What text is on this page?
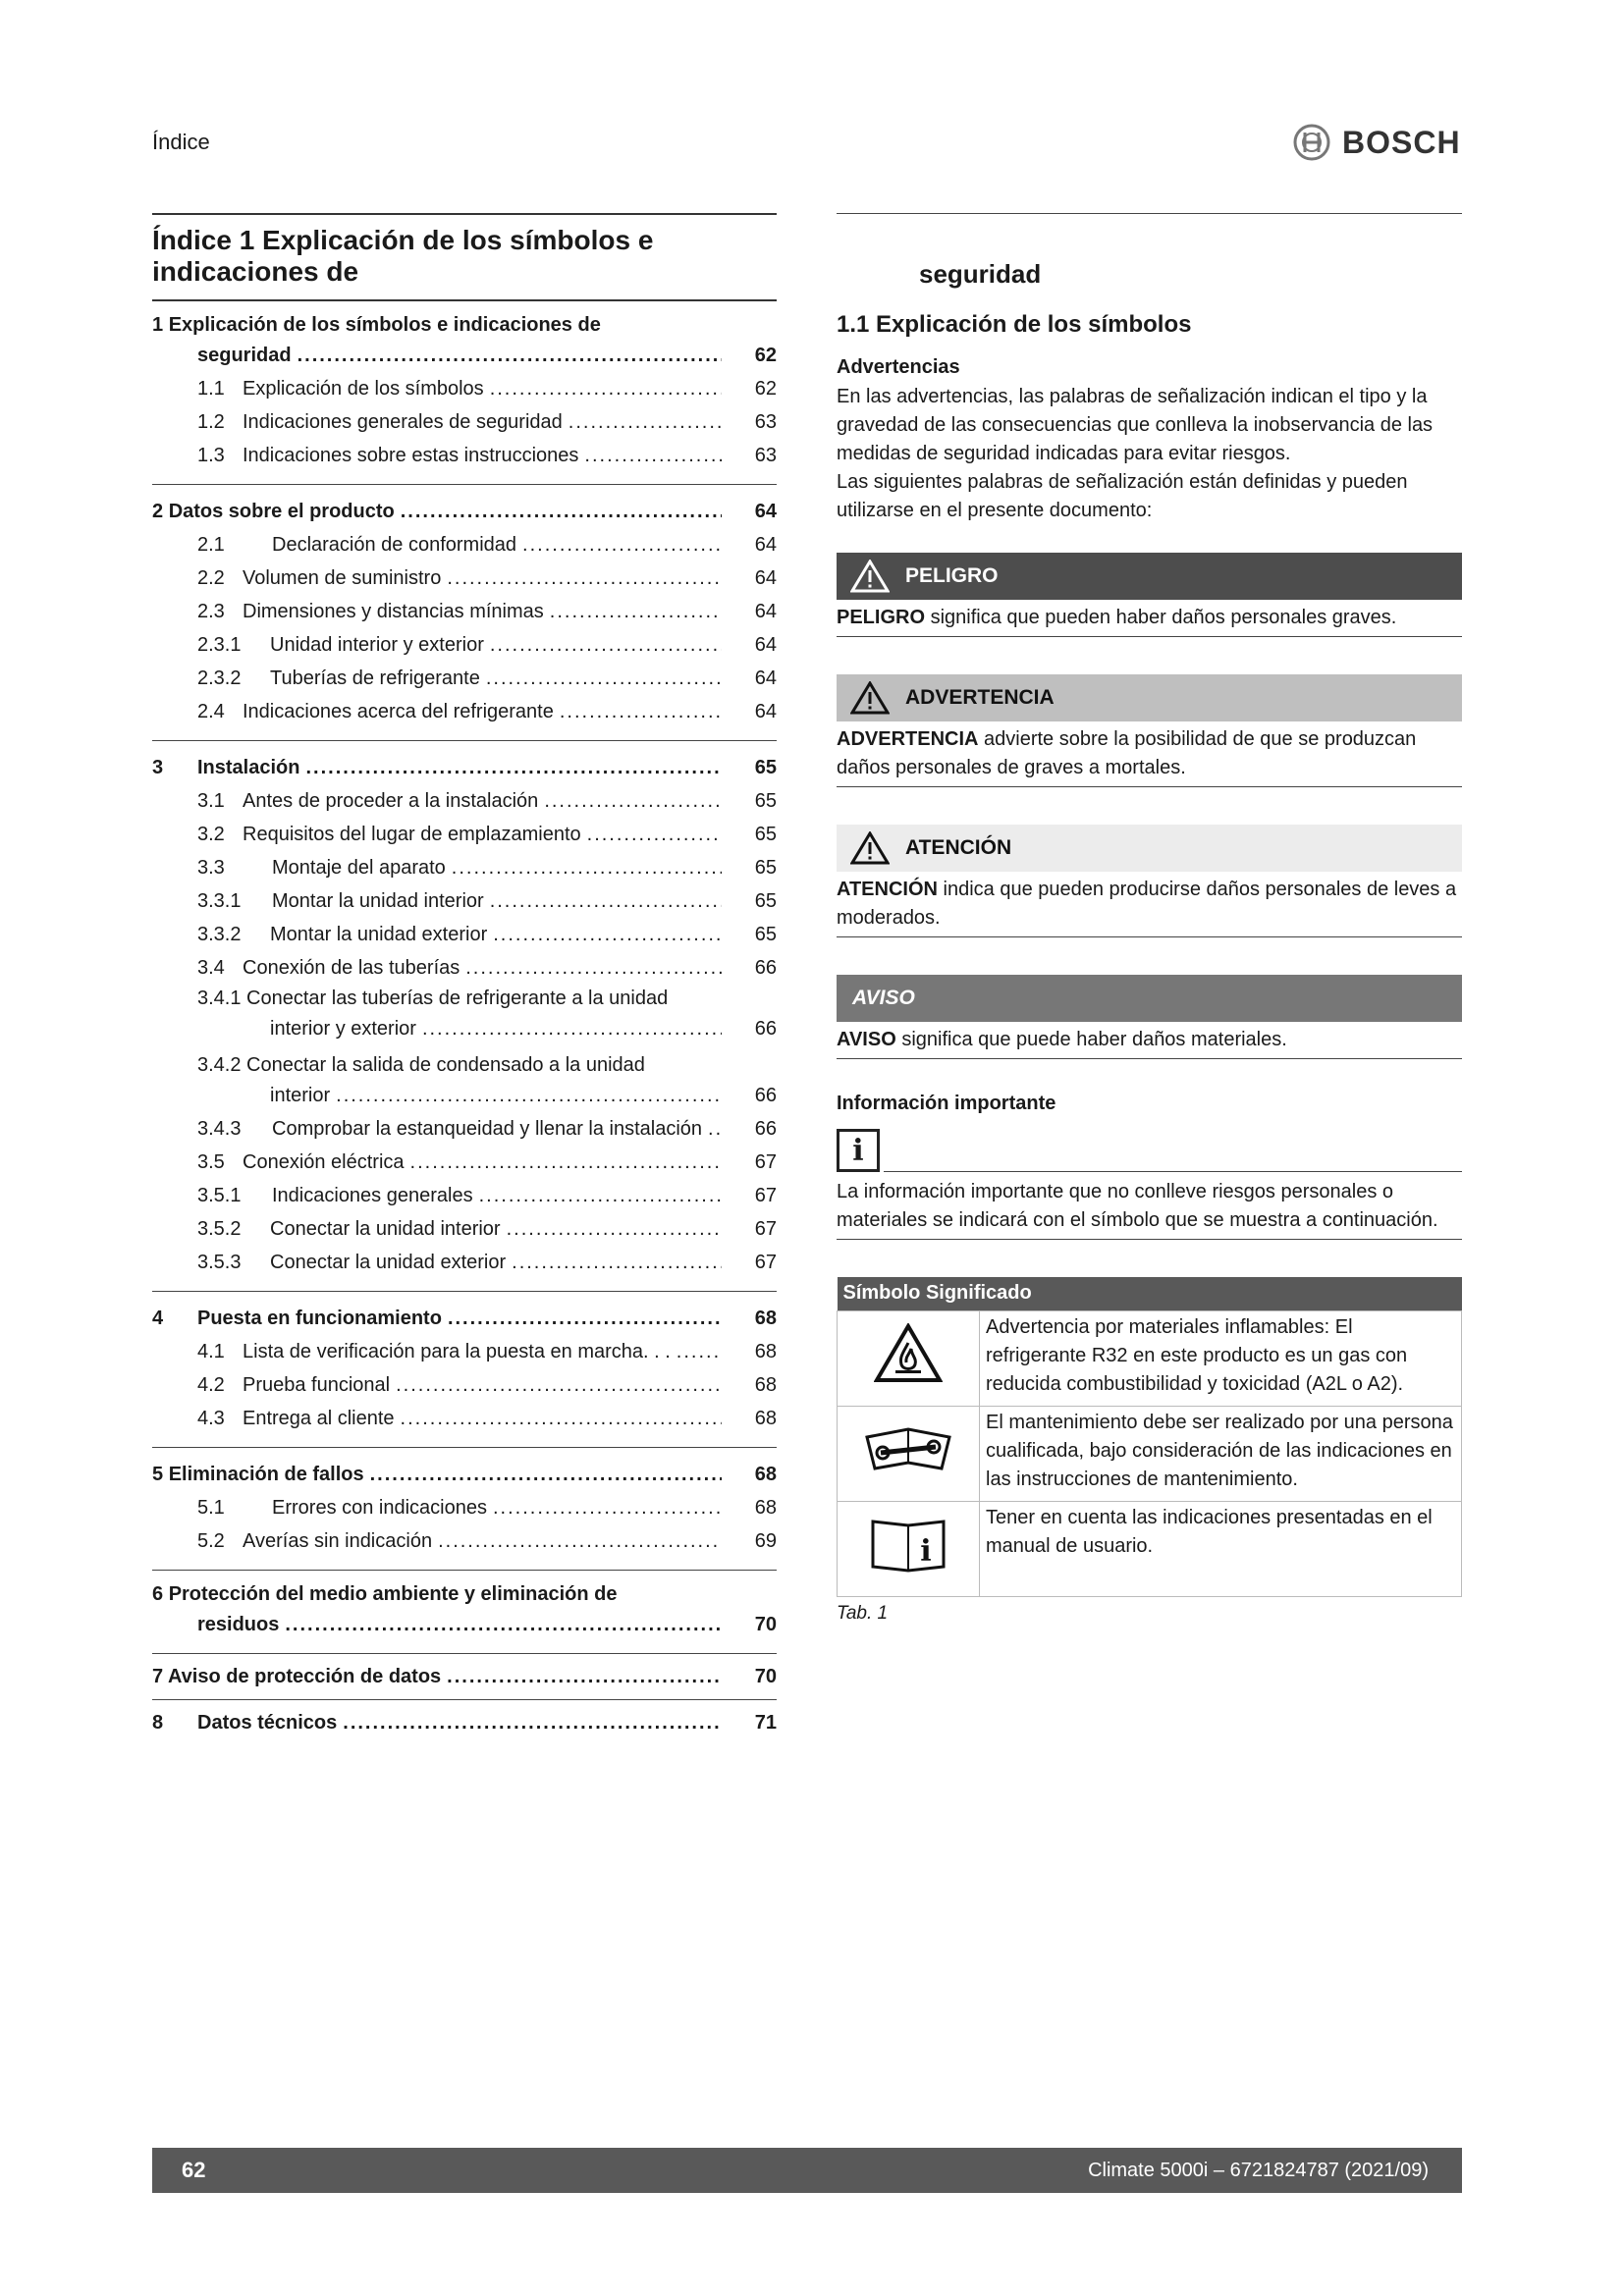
Índice	BOSCH
Índice 1 Explicación de los símbolos e indicaciones de
1 Explicación de los símbolos e indicaciones de
seguridad .....	62
1.1 Explicación de los símbolos .....	62
1.2 Indicaciones generales de seguridad .....	63
1.3 Indicaciones sobre estas instrucciones .....	63
2 Datos sobre el producto .....	64
2.1	Declaración de conformidad .....	64
2.2 Volumen de suministro .....	64
2.3 Dimensiones y distancias mínimas .....	64
2.3.1	Unidad interior y exterior .....	64
2.3.2	Tuberías de refrigerante .....	64
2.4 Indicaciones acerca del refrigerante .....	64
3	Instalación .....	65
3.1 Antes de proceder a la instalación .....	65
3.2 Requisitos del lugar de emplazamiento .....	65
3.3	Montaje del aparato .....	65
3.3.1	Montar la unidad interior .....	65
3.3.2	Montar la unidad exterior .....	65
3.4 Conexión de las tuberías .....	66
3.4.1 Conectar las tuberías de refrigerante a la unidad
interior y exterior .....	66
3.4.2 Conectar la salida de condensado a la unidad
interior .....	66
3.4.3	Comprobar la estanqueidad y llenar la instalación .....	66
3.5 Conexión eléctrica .....	67
3.5.1	Indicaciones generales .....	67
3.5.2	Conectar la unidad interior .....	67
3.5.3	Conectar la unidad exterior .....	67
4	Puesta en funcionamiento .....	68
4.1 Lista de verificación para la puesta en marcha. . . .....	68
4.2 Prueba funcional .....	68
4.3 Entrega al cliente .....	68
5 Eliminación de fallos .....	68
5.1	Errores con indicaciones .....	68
5.2 Averías sin indicación .....	69
6 Protección del medio ambiente y eliminación de
residuos .....	70
7 Aviso de protección de datos .....	70
8	Datos técnicos .....	71
seguridad
1.1 Explicación de los símbolos
Advertencias

En las advertencias, las palabras de señalización indican el tipo y la gravedad de las consecuencias que conlleva la inobservancia de las medidas de seguridad indicadas para evitar riesgos.

Las siguientes palabras de señalización están definidas y pueden utilizarse en el presente documento:

PELIGRO
PELIGRO significa que pueden haber daños personales graves.
ADVERTENCIA
ADVERTENCIA advierte sobre la posibilidad de que se produzcan daños personales de graves a mortales.
ATENCIÓN
ATENCIÓN indica que pueden producirse daños personales de leves a moderados.
AVISO
AVISO significa que puede haber daños materiales.
Información importante
i
La información importante que no conlleve riesgos personales o materiales se indicará con el símbolo que se muestra a continuación.
Símbolo Significado	
	Advertencia por materiales inflamables: El refrigerante R32 en este producto es un gas con reducida combustibilidad y toxicidad (A2L o A2).
	El mantenimiento debe ser realizado por una persona cualificada, bajo consideración de las indicaciones en las instrucciones de mantenimiento.

i	Tener en cuenta las indicaciones presentadas en el manual de usuario.
Tab. 1
62	Climate 5000i – 6721824787 (2021/09)
